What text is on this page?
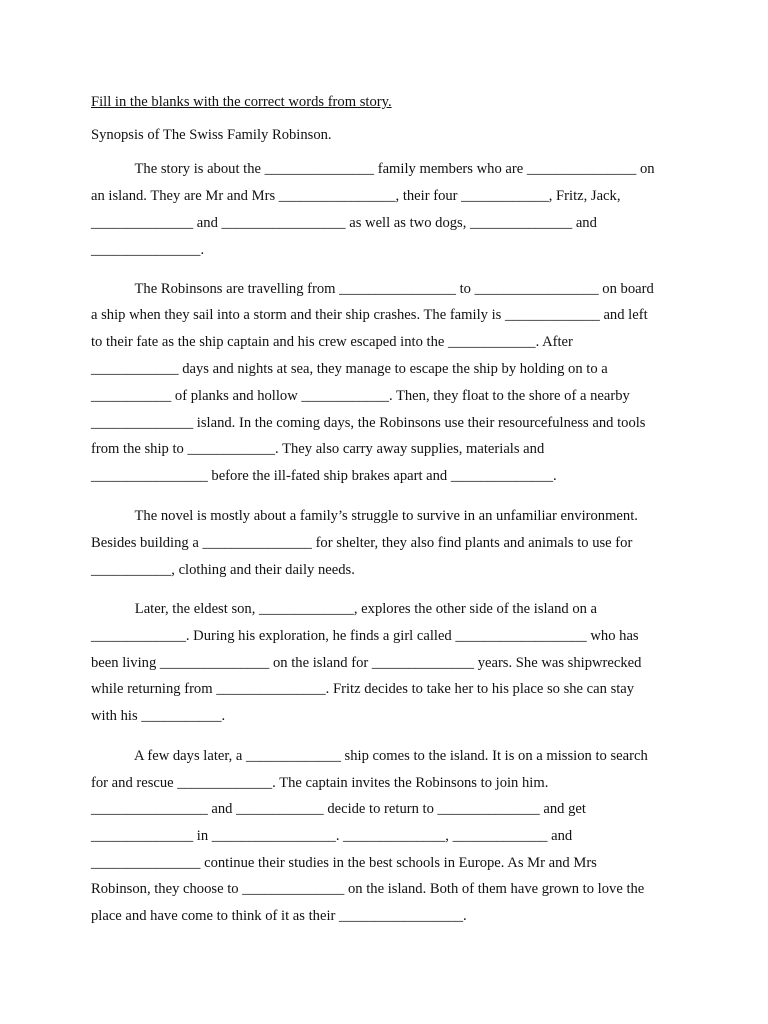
Fill in the blanks with the correct words from story.
Synopsis of The Swiss Family Robinson.
The story is about the _______________ family members who are _______________ on
an island. They are Mr and Mrs ________________, their four ____________, Fritz, Jack,
______________ and _________________ as well as two dogs, ______________ and
_______________.
The Robinsons are travelling from ________________ to _________________ on board
a ship when they sail into a storm and their ship crashes. The family is _____________ and left
to their fate as the ship captain and his crew escaped into the ____________. After
____________ days and nights at sea, they manage to escape the ship by holding on to a
___________ of planks and hollow ____________. Then, they float to the shore of a nearby
______________ island. In the coming days, the Robinsons use their resourcefulness and tools
from the ship to ____________. They also carry away supplies, materials and
________________ before the ill-fated ship brakes apart and ______________.
The novel is mostly about a family’s struggle to survive in an unfamiliar environment.
Besides building a _______________ for shelter, they also find plants and animals to use for
___________, clothing and their daily needs.
Later, the eldest son, _____________, explores the other side of the island on a
_____________. During his exploration, he finds a girl called __________________ who has
been living _______________ on the island for ______________ years. She was shipwrecked
while returning from _______________. Fritz decides to take her to his place so she can stay
with his ___________.
A few days later, a _____________ ship comes to the island. It is on a mission to search
for and rescue _____________. The captain invites the Robinsons to join him.
________________ and ____________ decide to return to ______________ and get
______________ in _________________. ______________, _____________ and
_______________ continue their studies in the best schools in Europe. As Mr and Mrs
Robinson, they choose to ______________ on the island. Both of them have grown to love the
place and have come to think of it as their _________________.
